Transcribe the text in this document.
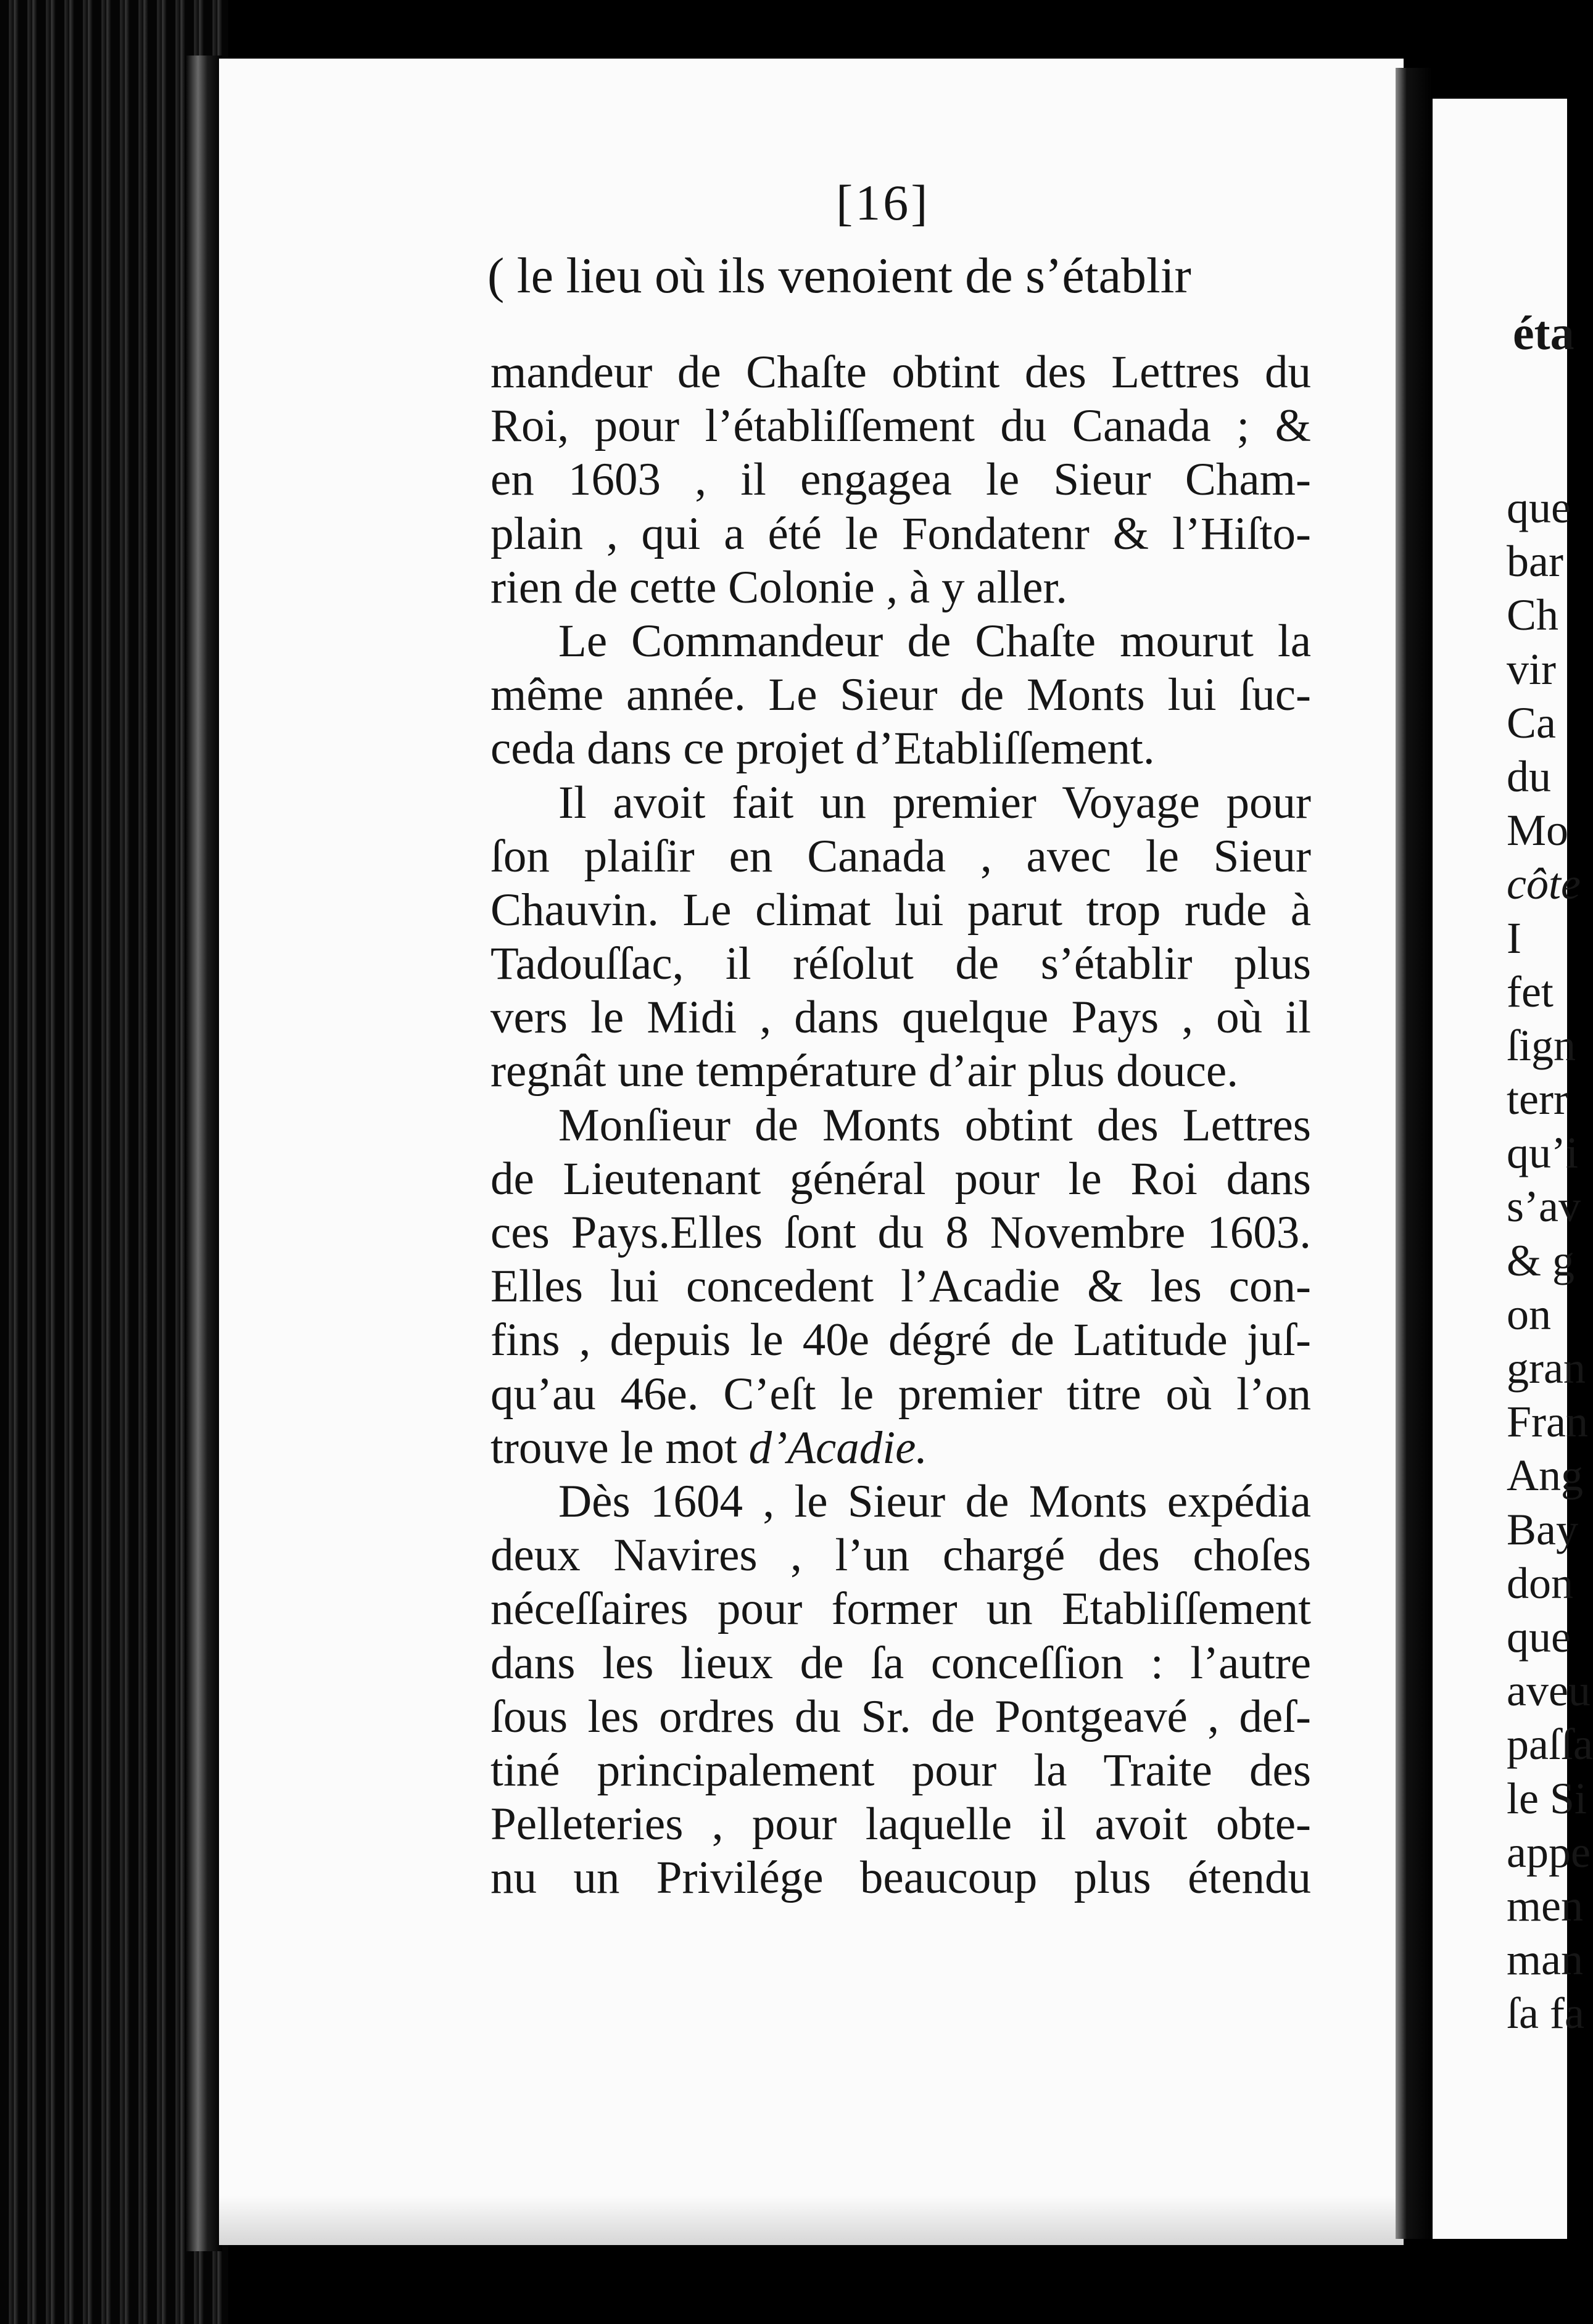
éta
que
bar
Ch
vir
Ca
du
Mo
côte
I
fet
ſign
terr
qu’i
s’av
& g
on
gran
Fran
Ang
Bay
don
que
aveu
paſſa
le Si
appe
men
man
ſa fa
[16]
( le lieu où ils venoient de s’établir
mandeur de Chaſte obtint des Lettres du
Roi, pour l’établiſſement du Canada ; &
en 1603 , il engagea le Sieur Cham-
plain , qui a été le Fondatenr & l’Hiſto-
rien de cette Colonie , à y aller.
Le Commandeur de Chaſte mourut la
même année. Le Sieur de Monts lui ſuc-
ceda dans ce projet d’Etabliſſement.
Il avoit fait un premier Voyage pour
ſon plaiſir en Canada , avec le Sieur
Chauvin. Le climat lui parut trop rude à
Tadouſſac, il réſolut de s’établir plus
vers le Midi , dans quelque Pays , où il
regnât une température d’air plus douce.
Monſieur de Monts obtint des Lettres
de Lieutenant général pour le Roi dans
ces Pays.Elles ſont du 8 Novembre 1603.
Elles lui concedent l’Acadie & les con-
fins , depuis le 40e dégré de Latitude juſ-
qu’au 46e. C’eſt le premier titre où l’on
trouve le mot d’Acadie.
Dès 1604 , le Sieur de Monts expédia
deux Navires , l’un chargé des choſes
néceſſaires pour former un Etabliſſement
dans les lieux de ſa conceſſion : l’autre
ſous les ordres du Sr. de Pontgeavé , deſ-
tiné principalement pour la Traite des
Pelleteries , pour laquelle il avoit obte-
nu un Privilége beaucoup plus étendu
